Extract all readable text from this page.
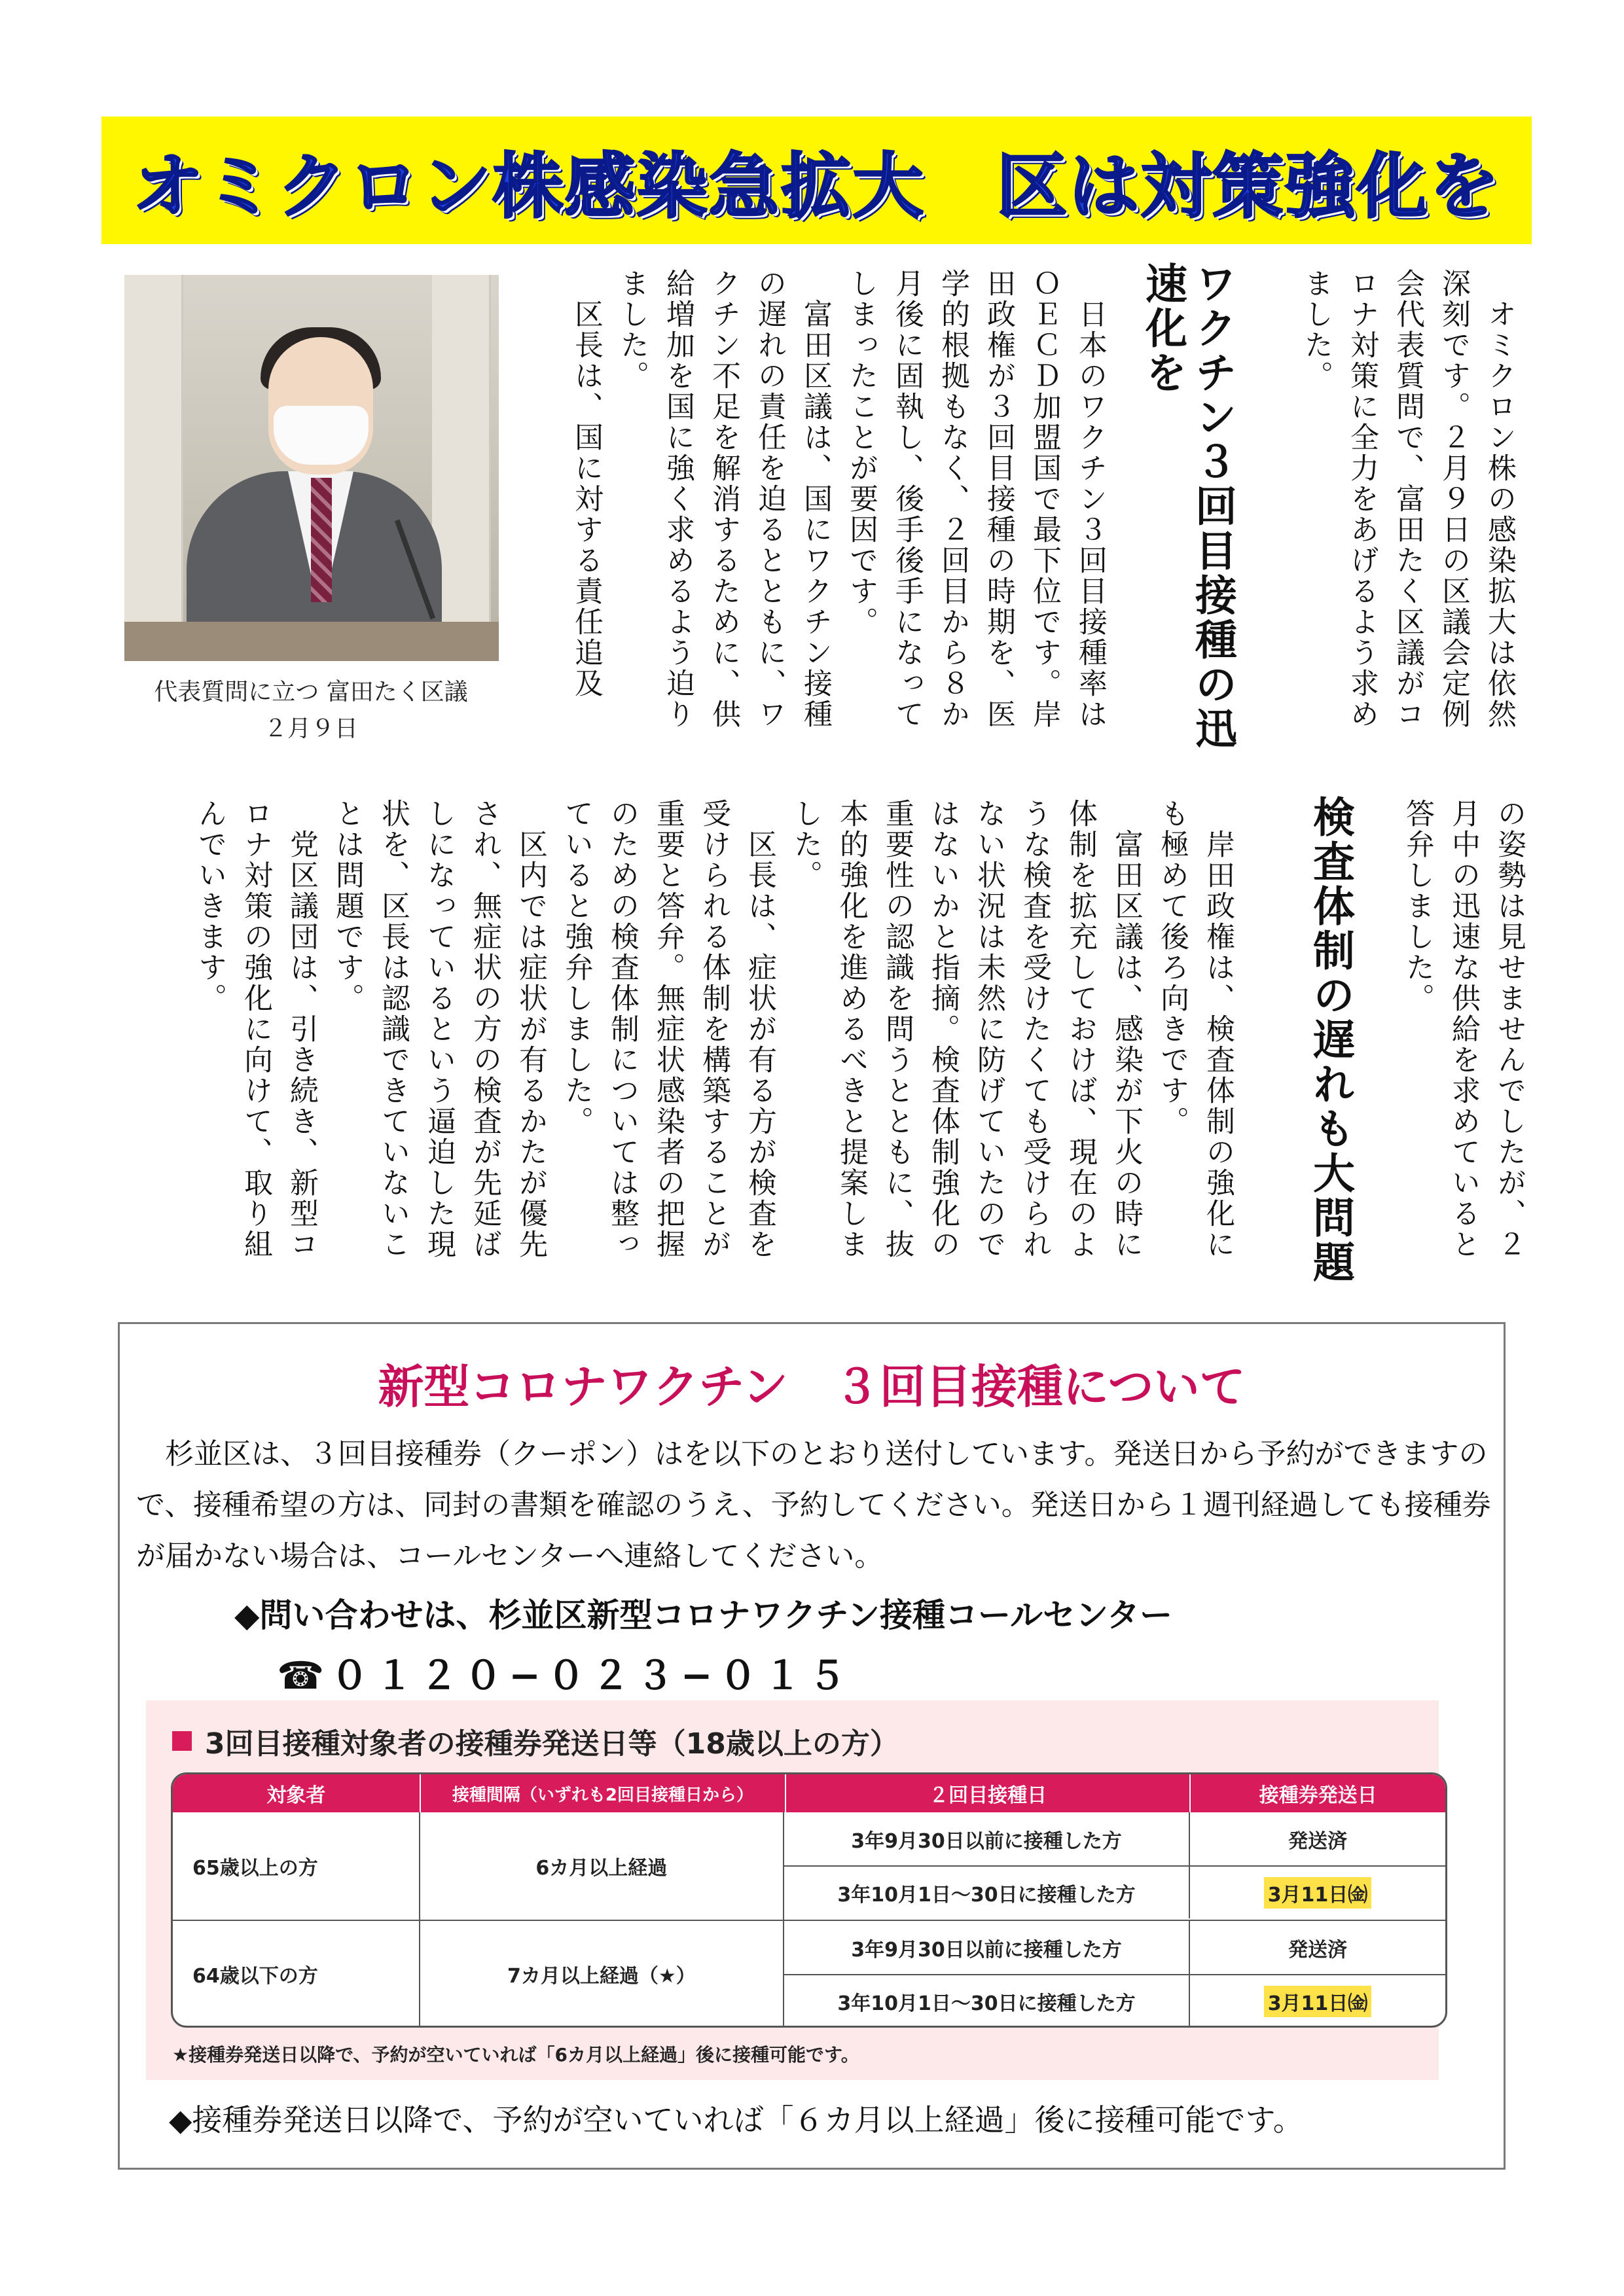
オミクロン株感染急拡大　区は対策強化を
代表質問に立つ 富田たく区議
２月９日	　オミクロン株の感染拡大は依然深刻です。２月９日の区議会定例会代表質問で、富田たく区議がコロナ対策に全力をあげるよう求めました。
ワクチン３回目接種の迅速化を
　日本のワクチン３回目接種率はＯＥＣＤ加盟国で最下位です。岸田政権が３回目接種の時期を、医学的根拠もなく、２回目から８か月後に固執し、後手後手になってしまったことが要因です。
　富田区議は、国にワクチン接種の遅れの責任を迫るとともに、ワクチン不足を解消するために、供給増加を国に強く求めるよう迫りました。
　区長は、国に対する責任追及
の姿勢は見せませんでしたが、２月中の迅速な供給を求めていると答弁しました。
検査体制の遅れも大問題
　岸田政権は、検査体制の強化にも極めて後ろ向きです。
　富田区議は、感染が下火の時に体制を拡充しておけば、現在のような検査を受けたくても受けられない状況は未然に防げていたのではないかと指摘。検査体制強化の重要性の認識を問うとともに、抜本的強化を進めるべきと提案しました。
　区長は、症状が有る方が検査を受けられる体制を構築することが重要と答弁。無症状感染者の把握のための検査体制については整っていると強弁しました。
　区内では症状が有るかたが優先され、無症状の方の検査が先延ばしになっているという逼迫した現状を、区長は認識できていないことは問題です。
　党区議団は、引き続き、新型コロナ対策の強化に向けて、取り組んでいきます。
新型コロナワクチン　３回目接種について
杉並区は、３回目接種券（クーポン）はを以下のとおり送付しています。発送日から予約ができますので、接種希望の方は、同封の書類を確認のうえ、予約してください。発送日から１週刊経過しても接種券が届かない場合は、コールセンターへ連絡してください。
◆問い合わせは、杉並区新型コロナワクチン接種コールセンター
☎０１２０−０２３−０１５
3回目接種対象者の接種券発送日等（18歳以上の方）
対象者	接種間隔（いずれも2回目接種日から）	２回目接種日	接種券発送日
65歳以上の方	6カ月以上経過
3年9月30日以前に接種した方	発送済
3年10月1日〜30日に接種した方	3月11日㈮
64歳以下の方	7カ月以上経過（★）
3年9月30日以前に接種した方	発送済
3年10月1日〜30日に接種した方	3月11日㈮
★接種券発送日以降で、予約が空いていれば「6カ月以上経過」後に接種可能です。
◆接種券発送日以降で、予約が空いていれば「６カ月以上経過」後に接種可能です。
